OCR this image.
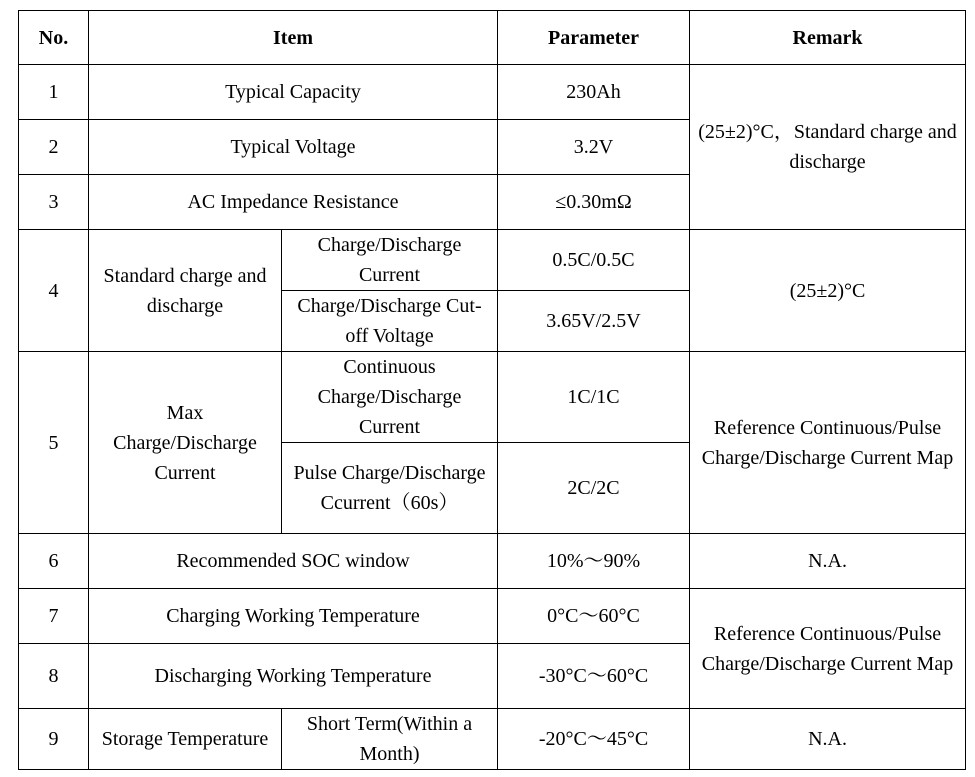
No.	Item		Parameter	Remark
1	Typical Capacity		230Ah	(25±2)°C，Standard charge and discharge
2	Typical Voltage		3.2V	
3	AC Impedance Resistance		≤0.30mΩ	
4	Standard charge and discharge	Charge/Discharge Current	0.5C/0.5C	(25±2)°C
		Charge/Discharge Cut-off Voltage	3.65V/2.5V	
5	Max Charge/Discharge Current	Continuous Charge/Discharge Current	1C/1C	Reference Continuous/Pulse Charge/Discharge Current Map
		Pulse Charge/Discharge Ccurrent（60s）	2C/2C	
6	Recommended SOC window		10%～90%	N.A.
7	Charging Working Temperature		0°C～60°C	Reference Continuous/Pulse Charge/Discharge Current Map
8	Discharging Working Temperature		-30°C～60°C	
9	Storage Temperature	Short Term(Within a Month)	-20°C～45°C	N.A.
